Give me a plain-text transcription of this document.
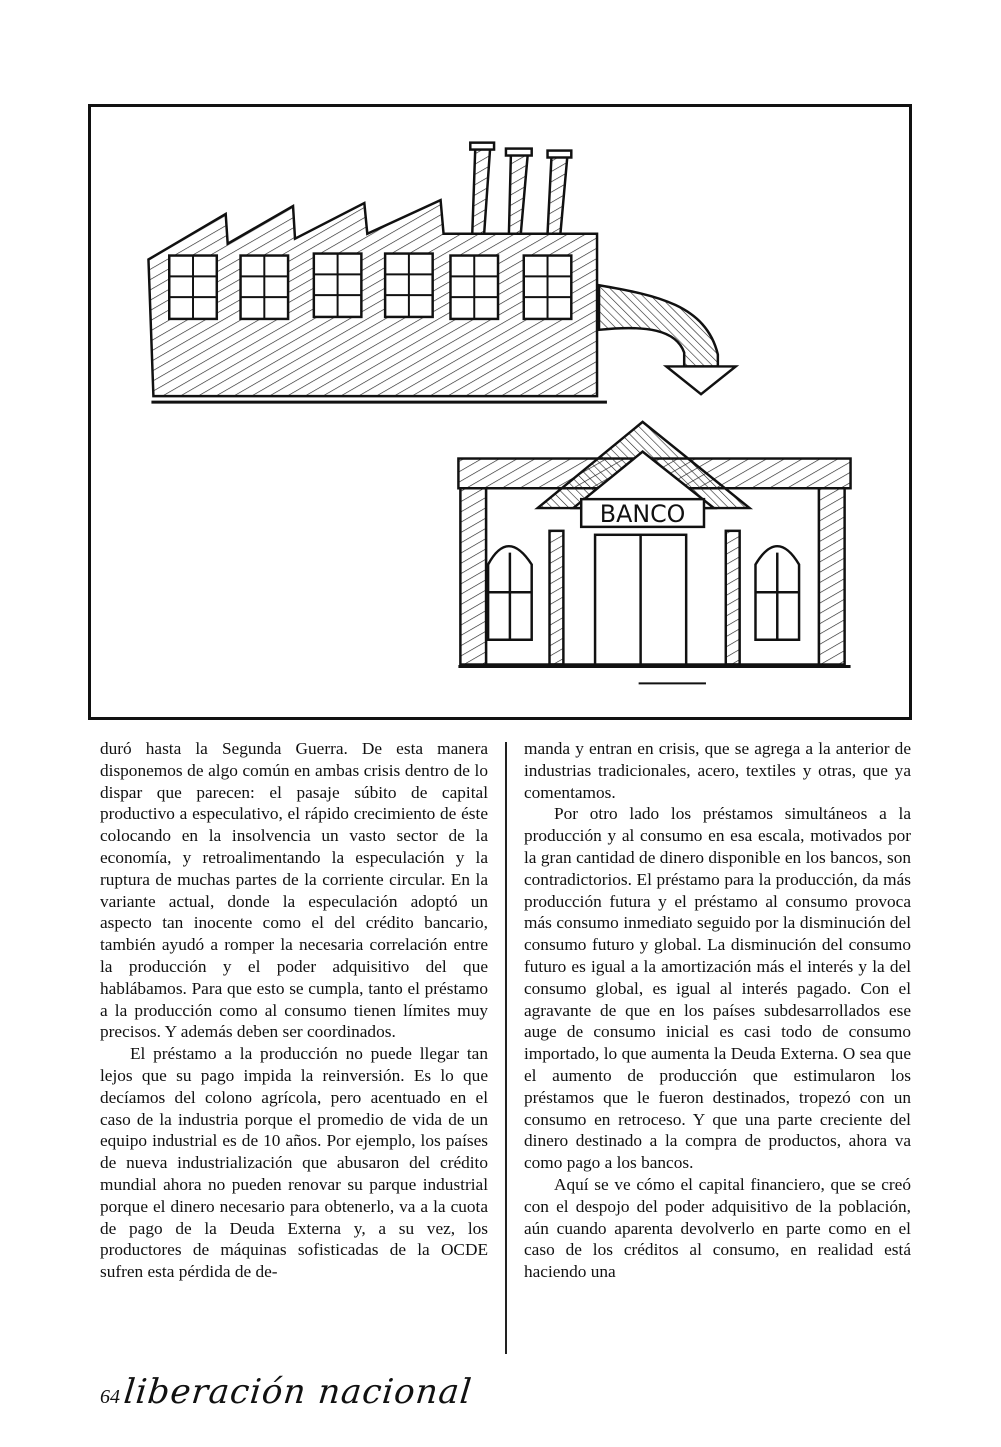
BANCO

duró hasta la Segunda Guerra. De esta manera disponemos de algo común en ambas crisis dentro de lo dispar que parecen: el pasaje súbito de capital productivo a especulativo, el rápido crecimiento de éste colocando en la insolvencia un vasto sector de la economía, y retroalimentando la especulación y la ruptura de muchas partes de la corriente circular. En la variante actual, donde la especulación adoptó un aspecto tan inocente como el del crédito bancario, también ayudó a romper la necesaria correlación entre la producción y el poder adquisitivo del que hablábamos. Para que esto se cumpla, tanto el préstamo a la producción como al consumo tienen límites muy precisos. Y además deben ser coordinados.

El préstamo a la producción no puede llegar tan lejos que su pago impida la reinversión. Es lo que decíamos del colono agrícola, pero acentuado en el caso de la industria porque el promedio de vida de un equipo industrial es de 10 años. Por ejemplo, los países de nueva industrialización que abusaron del crédito mundial ahora no pueden renovar su parque industrial porque el dinero necesario para obtenerlo, va a la cuota de pago de la Deuda Externa y, a su vez, los productores de máquinas sofisticadas de la OCDE sufren esta pérdida de de-

manda y entran en crisis, que se agrega a la anterior de industrias tradicionales, acero, textiles y otras, que ya comentamos.

Por otro lado los préstamos simultáneos a la producción y al consumo en esa escala, motivados por la gran cantidad de dinero disponible en los bancos, son contradictorios. El préstamo para la producción, da más producción futura y el préstamo al consumo provoca más consumo inmediato seguido por la disminución del consumo futuro y global. La disminución del consumo futuro es igual a la amortización más el interés y la del consumo global, es igual al interés pagado. Con el agravante de que en los países subdesarrollados ese auge de consumo inicial es casi todo de consumo importado, lo que aumenta la Deuda Externa. O sea que el aumento de producción que estimularon los préstamos que le fueron destinados, tropezó con un consumo en retroceso. Y que una parte creciente del dinero destinado a la compra de productos, ahora va como pago a los bancos.

Aquí se ve cómo el capital financiero, que se creó con el despojo del poder adquisitivo de la población, aún cuando aparenta devolverlo en parte como en el caso de los créditos al consumo, en realidad está haciendo una

64 liberación nacional
